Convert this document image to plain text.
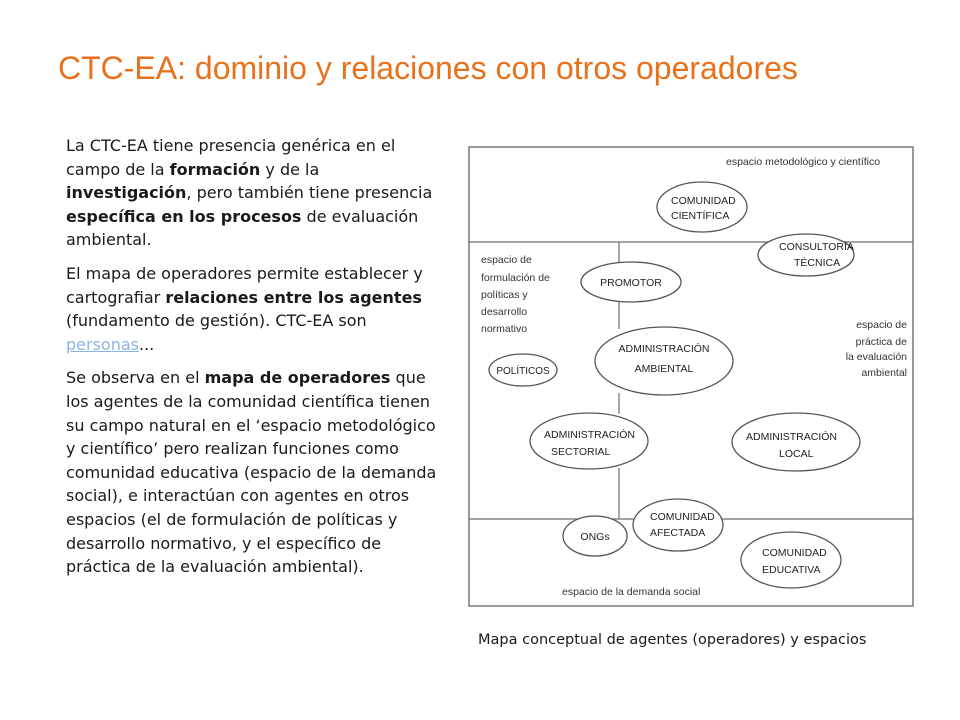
CTC-EA: dominio y relaciones con otros operadores

La CTC-EA tiene presencia genérica en el campo de la formación y de la investigación, pero también tiene presencia específica en los procesos de evaluación ambiental.

El mapa de operadores permite establecer y cartografiar relaciones entre los agentes (fundamento de gestión). CTC-EA son personas...

Se observa en el mapa de operadores que los agentes de la comunidad científica tienen su campo natural en el ‘espacio metodológico y científico’ pero realizan funciones como comunidad educativa (espacio de la demanda social), e interactúan con agentes en otros espacios (el de formulación de políticas y desarrollo normativo, y el específico de práctica de la evaluación ambiental).

espacio metodológico y científico
espacio de
formulación de
políticas y
desarrollo
normativo	espacio de
práctica de
la evaluación
ambiental
espacio de la demanda social
COMUNIDAD
CIENTÍFICA
CONSULTORÍA
TÉCNICA
PROMOTOR
ADMINISTRACIÓN
AMBIENTAL
POLÍTICOS
ADMINISTRACIÓN
SECTORIAL
ADMINISTRACIÓN
LOCAL
ONGs
COMUNIDAD
AFECTADA
COMUNIDAD
EDUCATIVA
Mapa conceptual de agentes (operadores) y espacios
